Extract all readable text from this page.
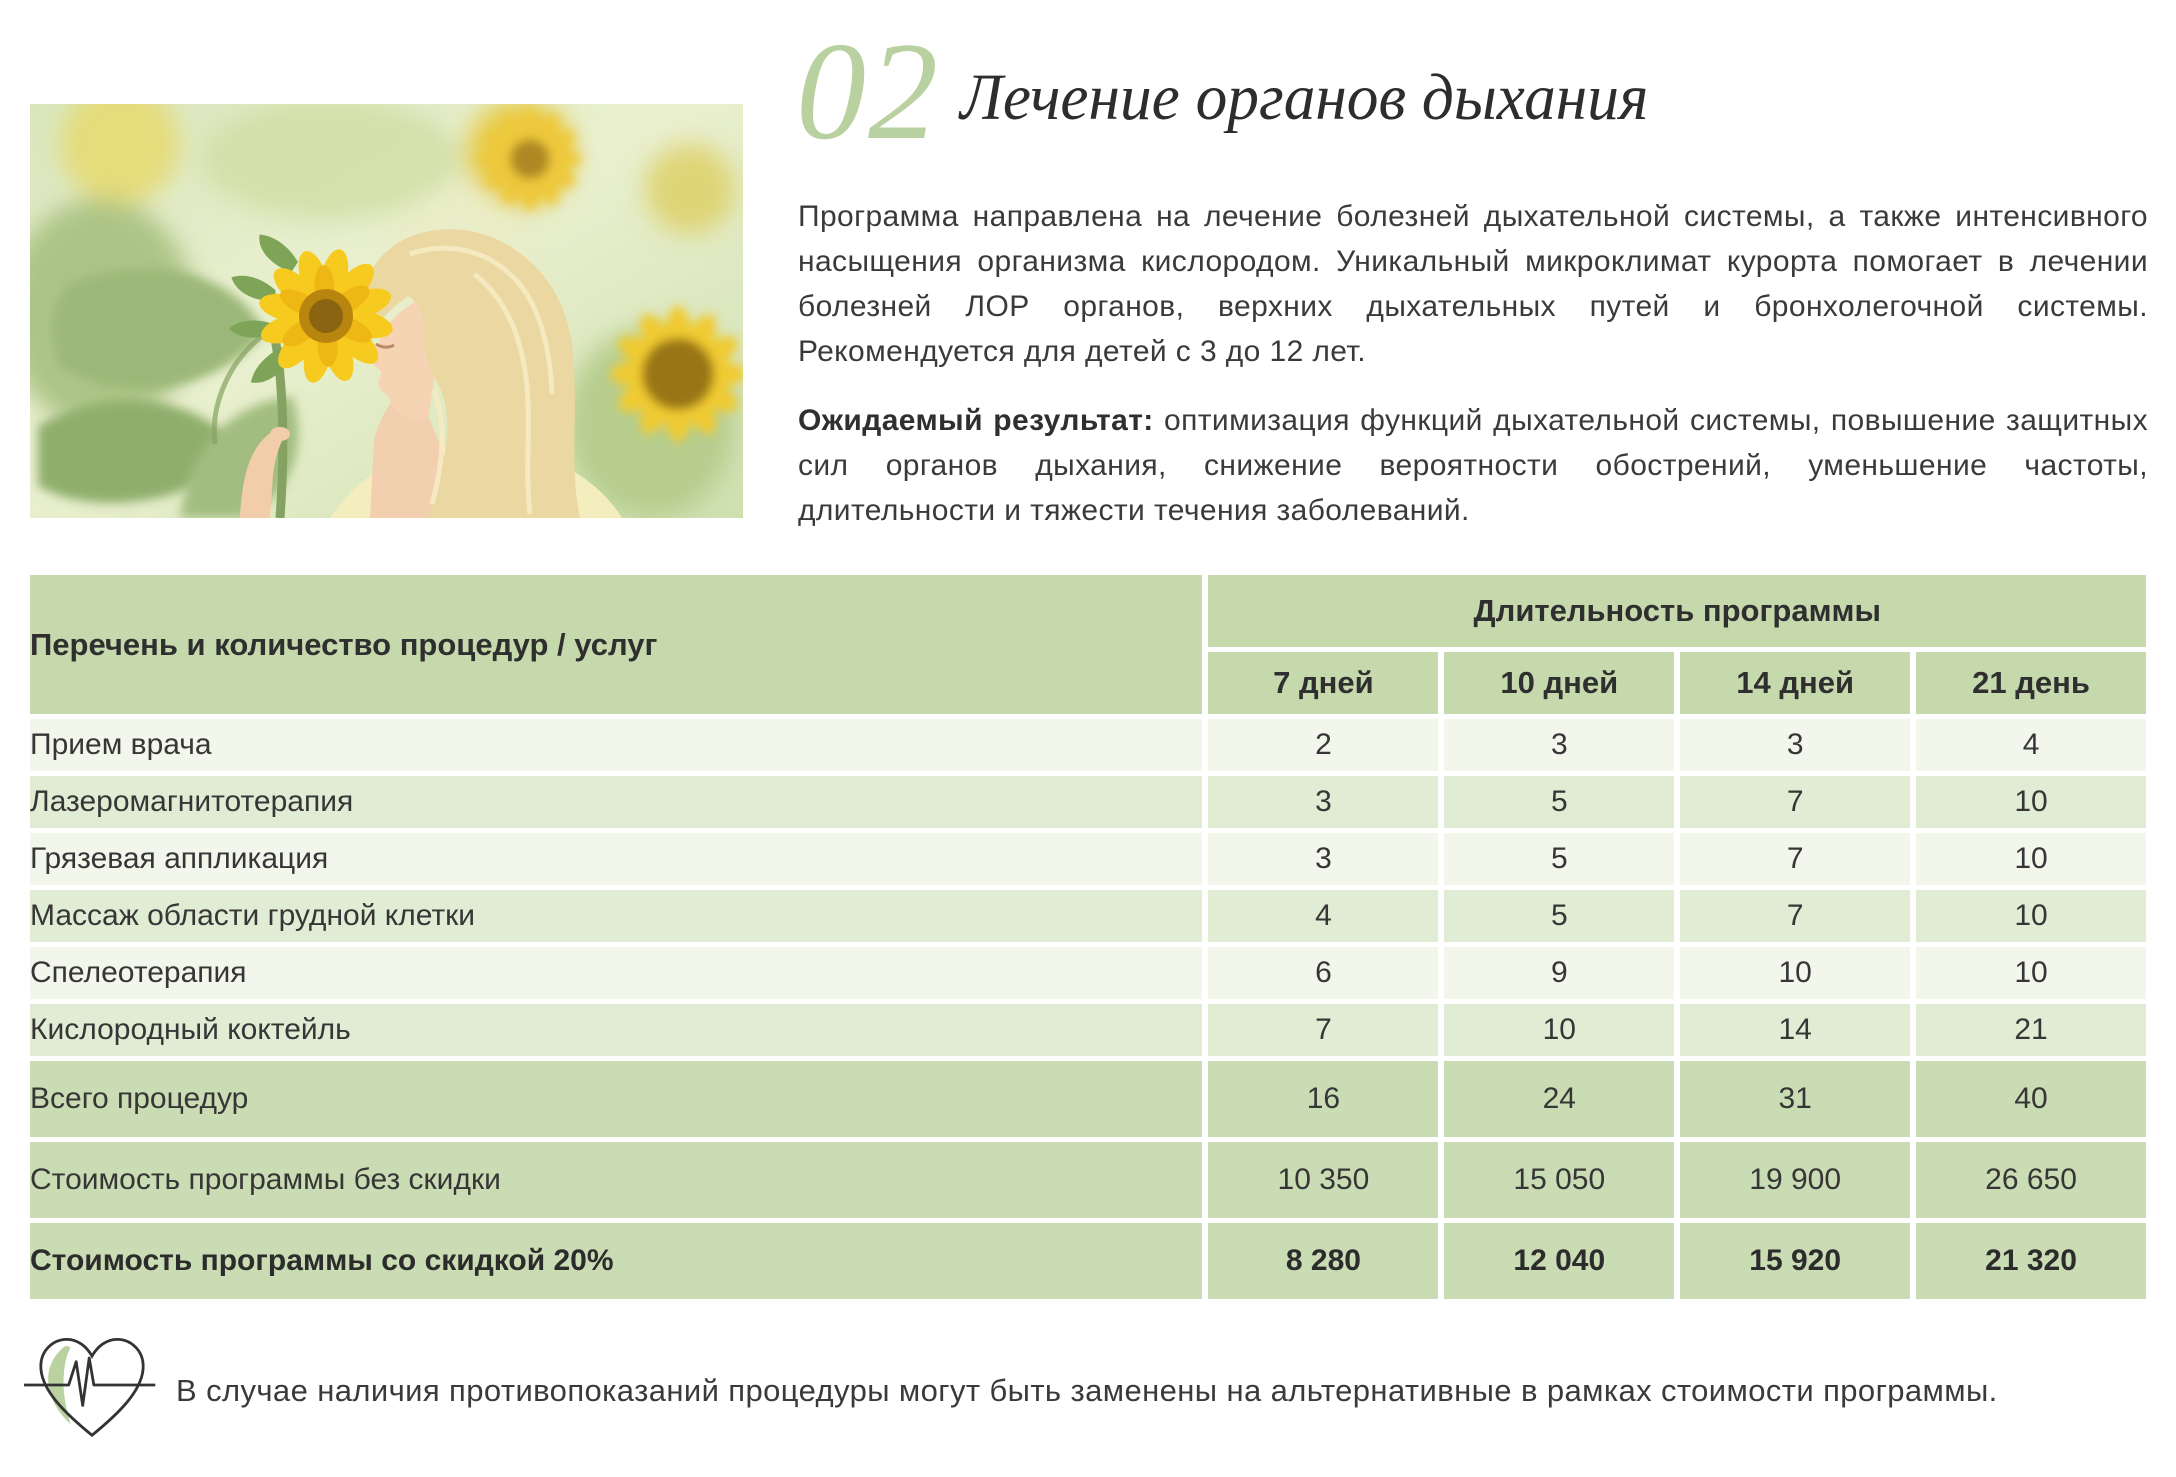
02 Лечение органов дыхания

Программа направлена на лечение болезней дыхательной системы, а также интенсивного насыщения организма кислородом. Уникальный микроклимат курорта помогает в лечении болезней ЛОР органов, верхних дыхательных путей и бронхолегочной системы. Рекомендуется для детей с 3 до 12 лет.

Ожидаемый результат: оптимизация функций дыхательной системы, повышение защитных сил органов дыхания, снижение вероятности обострений, уменьшение частоты, длительности и тяжести течения заболеваний.

Перечень и количество процедур / услуг	Длительность программы			
	7 дней	10 дней	14 дней	21 день
Прием врача	2	3	3	4
Лазеромагнитотерапия	3	5	7	10
Грязевая аппликация	3	5	7	10
Массаж области грудной клетки	4	5	7	10
Спелеотерапия	6	9	10	10
Кислородный коктейль	7	10	14	21
Всего процедур	16	24	31	40
Стоимость программы без скидки	10 350	15 050	19 900	26 650
Стоимость программы со скидкой 20%	8 280	12 040	15 920	21 320
В случае наличия противопоказаний процедуры могут быть заменены на альтернативные в рамках стоимости программы.
